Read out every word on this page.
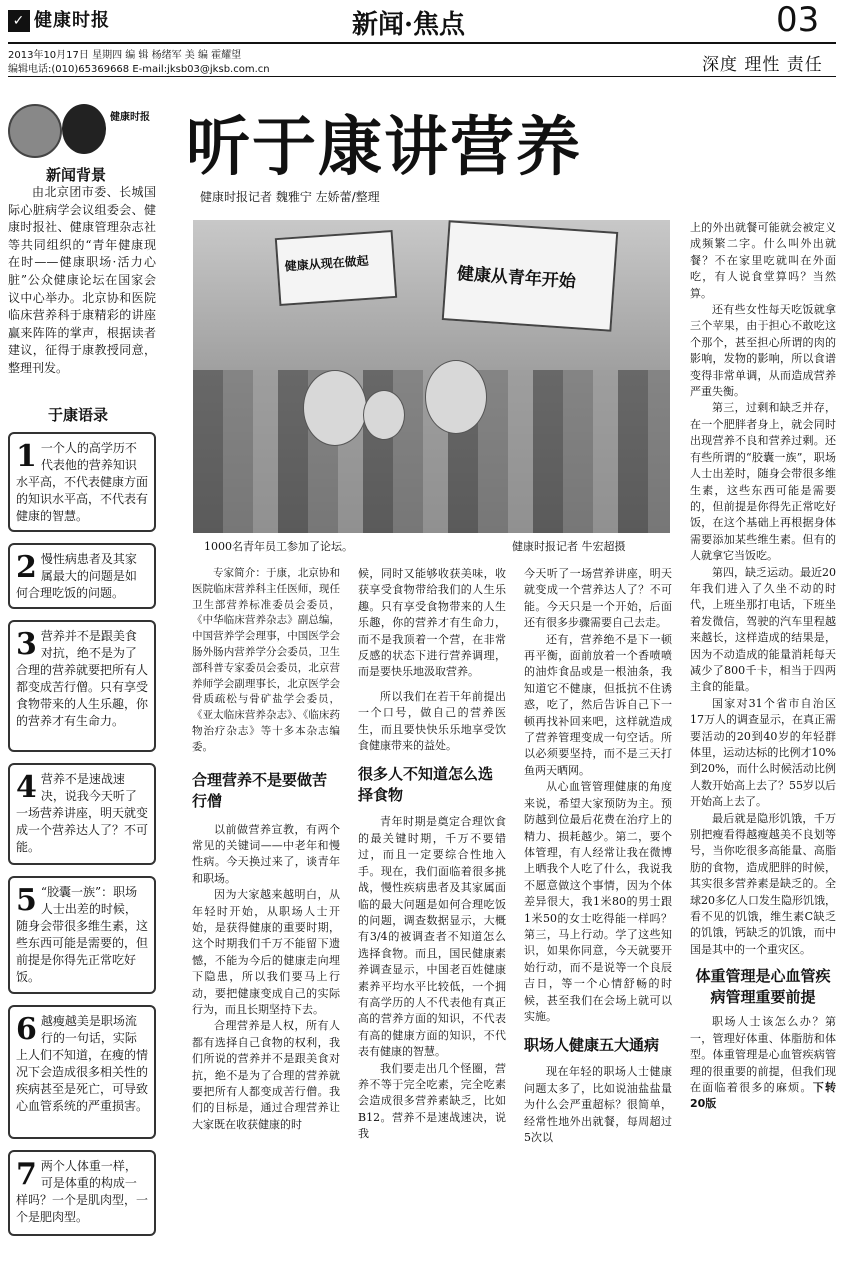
✓ 健康时报	新闻·焦点	03
2013年10月17日 星期四 编 辑 杨绪军 美 编 霍耀望
编辑电话:(010)65369668 E-mail:jksb03@jksb.com.cn	深度 理性 责任
听于康讲营养
健康时报记者 魏雅宁 左娇蕾/整理
健康从现在做起
健康从青年开始
1000名青年员工参加了论坛。	健康时报记者 牛宏超摄
健康时报
新闻背景
由北京团市委、长城国际心脏病学会议组委会、健康时报社、健康管理杂志社等共同组织的“青年健康现在时——健康职场·活力心脏”公众健康论坛在国家会议中心举办。北京协和医院临床营养科于康精彩的讲座赢来阵阵的掌声，根据读者建议，征得于康教授同意，整理刊发。
于康语录
1 一个人的高学历不代表他的营养知识水平高，不代表健康方面的知识水平高，不代表有健康的智慧。
2 慢性病患者及其家属最大的问题是如何合理吃饭的问题。
3 营养并不是跟美食对抗，绝不是为了合理的营养就要把所有人都变成苦行僧。只有享受食物带来的人生乐趣，你的营养才有生命力。
4 营养不是速战速决，说我今天听了一场营养讲座，明天就变成一个营养达人了？不可能。
5 “胶囊一族”：职场人士出差的时候，随身会带很多维生素，这些东西可能是需要的，但前提是你得先正常吃好饭。
6 越瘦越美是职场流行的一句话，实际上人们不知道，在瘦的情况下会造成很多相关性的疾病甚至是死亡，可导致心血管系统的严重损害。
7 两个人体重一样，可是体重的构成一样吗？一个是肌肉型，一个是肥肉型。
专家简介：于康，北京协和医院临床营养科主任医师，现任卫生部营养标准委员会委员，《中华临床营养杂志》副总编，中国营养学会理事，中国医学会肠外肠内营养学分会委员，卫生部科普专家委员会委员，北京营养师学会副理事长，北京医学会骨质疏松与骨矿盐学会委员，《亚太临床营养杂志》、《临床药物治疗杂志》等十多本杂志编委。
合理营养不是要做苦行僧
以前做营养宣教，有两个常见的关键词——中老年和慢性病。今天换过来了，谈青年和职场。
因为大家越来越明白，从年轻时开始，从职场人士开始，是获得健康的重要时期，这个时期我们千万不能留下遗憾，不能为今后的健康走向埋下隐患，所以我们要马上行动，要把健康变成自己的实际行为，而且长期坚持下去。
合理营养是人权，所有人都有选择自己食物的权利，我们所说的营养并不是跟美食对抗，绝不是为了合理的营养就要把所有人都变成苦行僧。我们的目标是，通过合理营养让大家既在收获健康的时
候，同时又能够收获美味，收获享受食物带给我们的人生乐趣。只有享受食物带来的人生乐趣，你的营养才有生命力，而不是我顶着一个营，在非常反感的状态下进行营养调理，而是要快乐地汲取营养。
所以我们在若干年前提出一个口号，做自己的营养医生，而且要快快乐乐地享受饮食健康带来的益处。
很多人不知道怎么选择食物
青年时期是奠定合理饮食的最关键时期，千万不要错过，而且一定要综合性地入手。现在，我们面临着很多挑战，慢性疾病患者及其家属面临的最大问题是如何合理吃饭的问题，调查数据显示，大概有3/4的被调查者不知道怎么选择食物。而且，国民健康素养调查显示，中国老百姓健康素养平均水平比较低，一个拥有高学历的人不代表他有真正高的营养方面的知识，不代表有高的健康方面的知识，不代表有健康的智慧。
我们要走出几个怪圈，营养不等于完全吃素，完全吃素会造成很多营养素缺乏，比如B12。营养不是速战速决，说我
今天听了一场营养讲座，明天就变成一个营养达人了？不可能。今天只是一个开始，后面还有很多步骤需要自己去走。
还有，营养绝不是下一顿再平衡，面前放着一个香喷喷的油炸食品或是一根油条，我知道它不健康，但抵抗不住诱惑，吃了，然后告诉自己下一顿再找补回来吧，这样就造成了营养管理变成一句空话。所以必须要坚持，而不是三天打鱼两天晒网。
从心血管管理健康的角度来说，希望大家预防为主。预防越到位最后花费在治疗上的精力、损耗越少。第二，要个体管理，有人经常让我在微博上晒我个人吃了什么，我说我不愿意做这个事情，因为个体差异很大，我1米80的男士跟1米50的女士吃得能一样吗？第三，马上行动。学了这些知识，如果你同意，今天就要开始行动，而不是说等一个良辰吉日，等一个心情舒畅的时候，甚至我们在会场上就可以实施。
职场人健康五大通病
现在年轻的职场人士健康问题太多了，比如说油盐盐量为什么会严重超标？很简单，经常性地外出就餐，每周超过5次以
上的外出就餐可能就会被定义成频繁二字。什么叫外出就餐？不在家里吃就叫在外面吃，有人说食堂算吗？当然算。
还有些女性每天吃饭就拿三个苹果，由于担心不敢吃这个那个，甚至担心所谓的肉的影响，发物的影响，所以食谱变得非常单调，从而造成营养严重失衡。
第三，过剩和缺乏并存，在一个肥胖者身上，就会同时出现营养不良和营养过剩。还有些所谓的“胶囊一族”，职场人士出差时，随身会带很多维生素，这些东西可能是需要的，但前提是你得先正常吃好饭，在这个基础上再根据身体需要添加某些维生素。但有的人就拿它当饭吃。
第四，缺乏运动。最近20年我们进入了久坐不动的时代，上班坐那打电话，下班坐着发微信，驾驶的汽车里程越来越长，这样造成的结果是，因为不动造成的能量消耗每天减少了800千卡，相当于四两主食的能量。
国家对31个省市自治区17万人的调查显示，在真正需要活动的20到40岁的年轻群体里，运动达标的比例才10%到20%，而什么时候活动比例人数开始高上去了？55岁以后开始高上去了。
最后就是隐形饥饿，千万别把瘦看得越瘦越美不良划等号，当你吃很多高能量、高脂肪的食物，造成肥胖的时候，其实很多营养素是缺乏的。全球20多亿人口发生隐形饥饿，看不见的饥饿，维生素C缺乏的饥饿，钙缺乏的饥饿，而中国是其中的一个重灾区。
体重管理是心血管疾病管理重要前提
职场人士该怎么办？第一，管理好体重、体脂肪和体型。体重管理是心血管疾病管理的很重要的前提，但我们现在面临着很多的麻烦。下转20版
